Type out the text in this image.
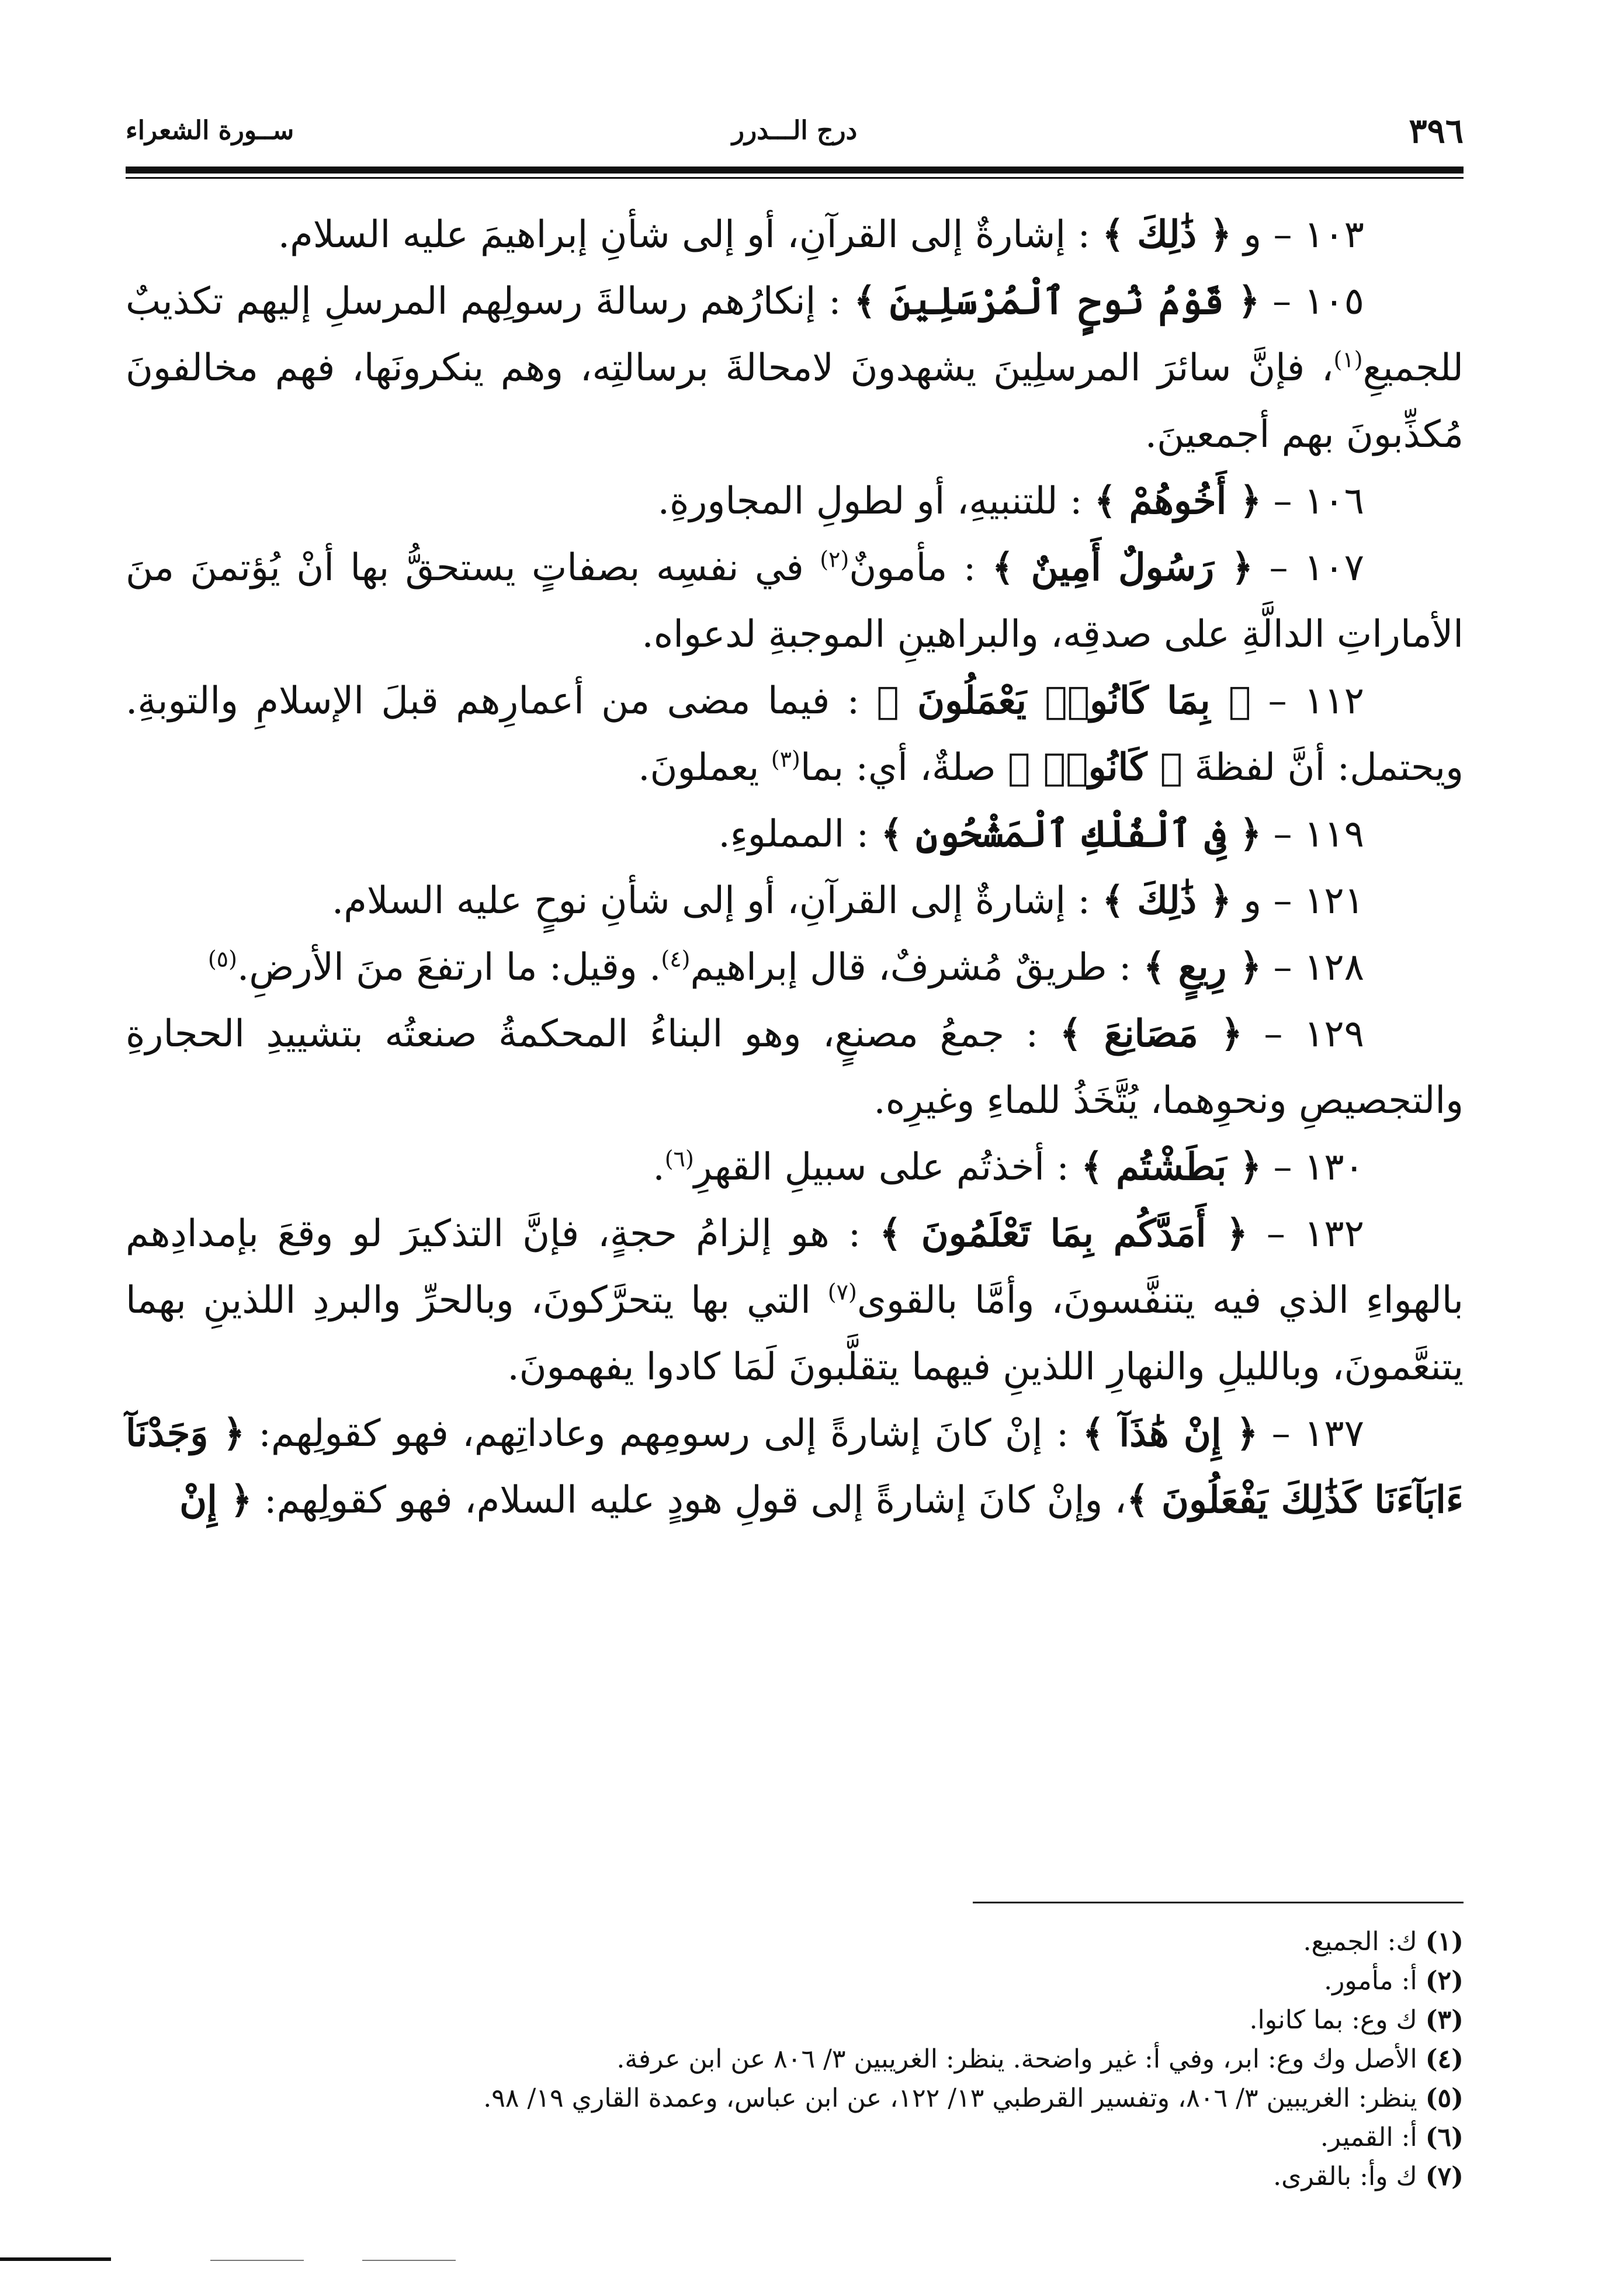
٣٩٦
درج الـــدرر
ســورة الشعراء

١٠٣ – و ﴿ ذَٰلِكَ ﴾ : إشارةٌ إلى القرآنِ، أو إلى شأنِ إبراهيمَ عليه السلام.

١٠٥ – ﴿ قَوْمُ نُوحٍ ٱلْمُرْسَلِينَ ﴾ : إنكارُهم رسالةَ رسولِهم المرسلِ إليهم تكذيبٌ للجميعِ$^{(١)}$، فإنَّ سائرَ المرسلِينَ يشهدونَ لامحالةَ برسالتِه، وهم ينكرونَها، فهم مخالفونَ مُكذِّبونَ بهم أجمعينَ.

١٠٦ – ﴿ أَخُوهُمْ ﴾ : للتنبيهِ، أو لطولِ المجاورةِ.

١٠٧ – ﴿ رَسُولٌ أَمِينٌ ﴾ : مأمونٌ$^{(٢)}$ في نفسِه بصفاتٍ يستحقُّ بها أنْ يُؤتمنَ منَ الأماراتِ الدالَّةِ على صدقِه، والبراهينِ الموجبةِ لدعواه.

١١٢ – ﴿ بِمَا كَانُوا۟ يَعْمَلُونَ ﴾ : فيما مضى من أعمارِهم قبلَ الإسلامِ والتوبةِ. ويحتمل: أنَّ لفظةَ ﴿ كَانُوا۟ ﴾ صلةٌ، أي: بما$^{(٣)}$ يعملونَ.

١١٩ – ﴿ فِى ٱلْفُلْكِ ٱلْمَشْحُونِ ﴾ : المملوءِ.

١٢١ – و ﴿ ذَٰلِكَ ﴾ : إشارةٌ إلى القرآنِ، أو إلى شأنِ نوحٍ عليه السلام.

١٢٨ – ﴿ رِيعٍ ﴾ : طريقٌ مُشرفٌ، قال إبراهيم$^{(٤)}$. وقيل: ما ارتفعَ منَ الأرضِ.$^{(٥)}$

١٢٩ – ﴿ مَصَانِعَ ﴾ : جمعُ مصنعٍ، وهو البناءُ المحكمةُ صنعتُه بتشييدِ الحجارةِ والتجصيصِ ونحوِهما، يُتَّخَذُ للماءِ وغيرِه.

١٣٠ – ﴿ بَطَشْتُم ﴾ : أخذتُم على سبيلِ القهرِ$^{(٦)}$.

١٣٢ – ﴿ أَمَدَّكُم بِمَا تَعْلَمُونَ ﴾ : هو إلزامُ حجةٍ، فإنَّ التذكيرَ لو وقعَ بإمدادِهم بالهواءِ الذي فيه يتنفَّسونَ، وأمَّا بالقوى$^{(٧)}$ التي بها يتحرَّكونَ، وبالحرِّ والبردِ اللذينِ بهما يتنعَّمونَ، وبالليلِ والنهارِ اللذينِ فيهما يتقلَّبونَ لَمَا كادوا يفهمونَ.

١٣٧ – ﴿ إِنْ هَٰذَآ ﴾ : إنْ كانَ إشارةً إلى رسومِهم وعاداتِهم، فهو كقولِهم: ﴿ وَجَدْنَآ ءَابَآءَنَا كَذَٰلِكَ يَفْعَلُونَ ﴾، وإنْ كانَ إشارةً إلى قولِ هودٍ عليه السلام، فهو كقولِهم: ﴿ إِنْ

(١) ك: الجميع.

(٢) أ: مأمور.

(٣) ك وع: بما كانوا.

(٤) الأصل وك وع: ابر، وفي أ: غير واضحة. ينظر: الغريبين ٣/ ٨٠٦ عن ابن عرفة.

(٥) ينظر: الغريبين ٣/ ٨٠٦، وتفسير القرطبي ١٣/ ١٢٢، عن ابن عباس، وعمدة القاري ١٩/ ٩٨.

(٦) أ: القمير.

(٧) ك وأ: بالقرى.
